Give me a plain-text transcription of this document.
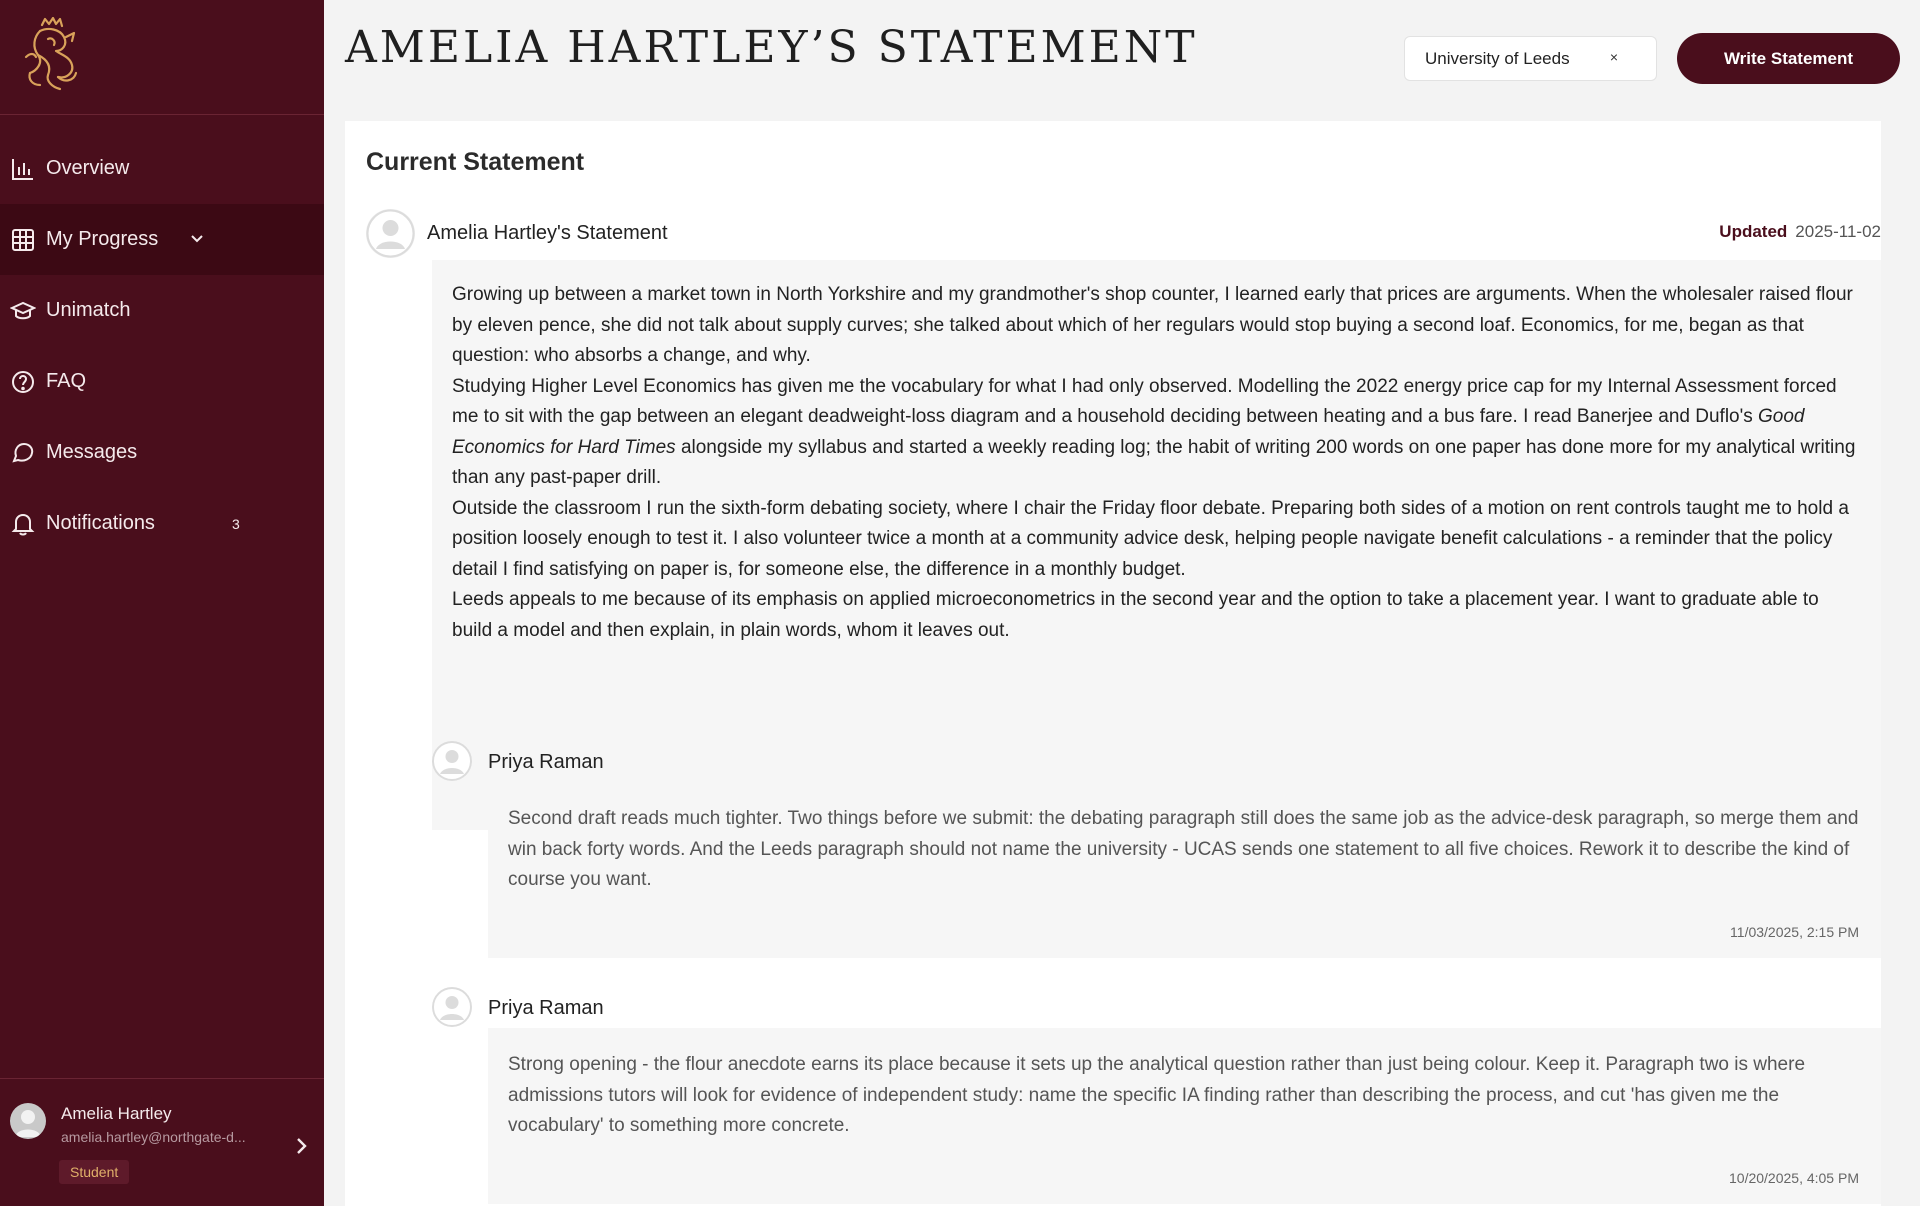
Overview
My Progress
Unimatch
FAQ
Messages
Notifications	3
Amelia Hartley
amelia.hartley@northgate-d...
Student
AMELIA HARTLEY’S STATEMENT	University of Leeds	×	Write Statement
Current Statement
Amelia Hartley's Statement	Updated 2025-11-02

Growing up between a market town in North Yorkshire and my grandmother's shop counter, I learned early that prices are arguments. When the wholesaler raised flour by eleven pence, she did not talk about supply curves; she talked about which of her regulars would stop buying a second loaf. Economics, for me, began as that question: who absorbs a change, and why.

Studying Higher Level Economics has given me the vocabulary for what I had only observed. Modelling the 2022 energy price cap for my Internal Assessment forced me to sit with the gap between an elegant deadweight-loss diagram and a household deciding between heating and a bus fare. I read Banerjee and Duflo's Good Economics for Hard Times alongside my syllabus and started a weekly reading log; the habit of writing 200 words on one paper has done more for my analytical writing than any past-paper drill.

Outside the classroom I run the sixth-form debating society, where I chair the Friday floor debate. Preparing both sides of a motion on rent controls taught me to hold a position loosely enough to test it. I also volunteer twice a month at a community advice desk, helping people navigate benefit calculations - a reminder that the policy detail I find satisfying on paper is, for someone else, the difference in a monthly budget.

Leeds appeals to me because of its emphasis on applied microeconometrics in the second year and the option to take a placement year. I want to graduate able to build a model and then explain, in plain words, whom it leaves out.

Priya Raman

Second draft reads much tighter. Two things before we submit: the debating paragraph still does the same job as the advice-desk paragraph, so merge them and win back forty words. And the Leeds paragraph should not name the university - UCAS sends one statement to all five choices. Rework it to describe the kind of course you want.

11/03/2025, 2:15 PM
Priya Raman

Strong opening - the flour anecdote earns its place because it sets up the analytical question rather than just being colour. Keep it. Paragraph two is where admissions tutors will look for evidence of independent study: name the specific IA finding rather than describing the process, and cut 'has given me the vocabulary' to something more concrete.

10/20/2025, 4:05 PM
